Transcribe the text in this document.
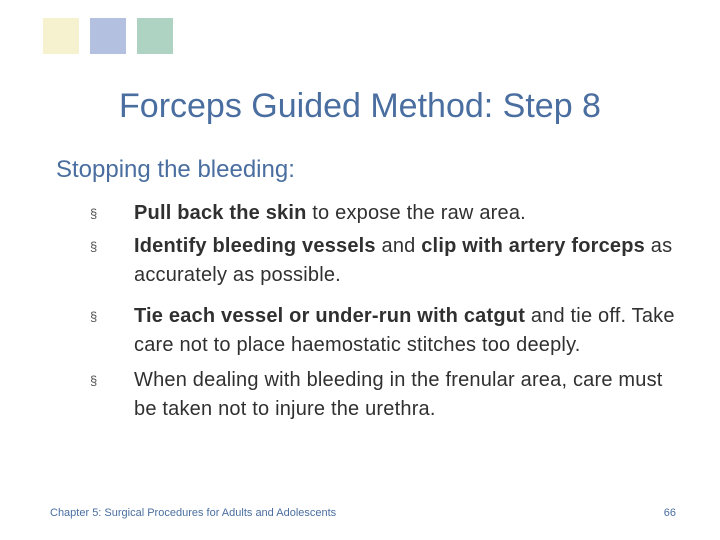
Forceps Guided Method: Step 8
Stopping the bleeding:
§ Pull back the skin to expose the raw area.
§ Identify bleeding vessels and clip with artery forceps as accurately as possible.
§ Tie each vessel or under-run with catgut and tie off. Take care not to place haemostatic stitches too deeply.
§ When dealing with bleeding in the frenular area, care must be taken not to injure the urethra.
Chapter 5: Surgical Procedures for Adults and Adolescents	66
